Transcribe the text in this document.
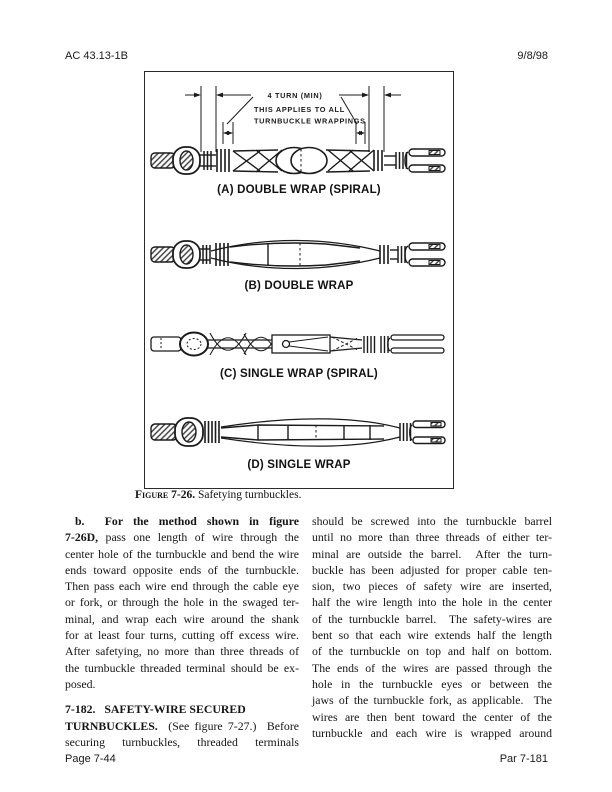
AC 43.13-1B	9/8/98
4 TURN (MIN)
THIS APPLIES TO ALL
TURNBUCKLE WRAPPINGS
(A) DOUBLE WRAP (SPIRAL)
(B) DOUBLE WRAP
(C) SINGLE WRAP (SPIRAL)
(D) SINGLE WRAP
Figure 7-26. Safetying turnbuckles.
b.  For the method shown in figure
7-26D, pass one length of wire through the
center hole of the turnbuckle and bend the wire
ends toward opposite ends of the turnbuckle.
Then pass each wire end through the cable eye
or fork, or through the hole in the swaged ter-
minal, and wrap each wire around the shank
for at least four turns, cutting off excess wire.
After safetying, no more than three threads of
the turnbuckle threaded terminal should be ex-
posed.
7-182.   SAFETY-WIRE SECURED
TURNBUCKLES.  (See figure 7-27.)  Before
securing turnbuckles, threaded terminals
should be screwed into the turnbuckle barrel
until no more than three threads of either ter-
minal are outside the barrel.  After the turn-
buckle has been adjusted for proper cable ten-
sion, two pieces of safety wire are inserted,
half the wire length into the hole in the center
of the turnbuckle barrel.  The safety-wires are
bent so that each wire extends half the length
of the turnbuckle on top and half on bottom.
The ends of the wires are passed through the
hole in the turnbuckle eyes or between the
jaws of the turnbuckle fork, as applicable.  The
wires are then bent toward the center of the
turnbuckle and each wire is wrapped around
Page 7-44	Par 7-181
